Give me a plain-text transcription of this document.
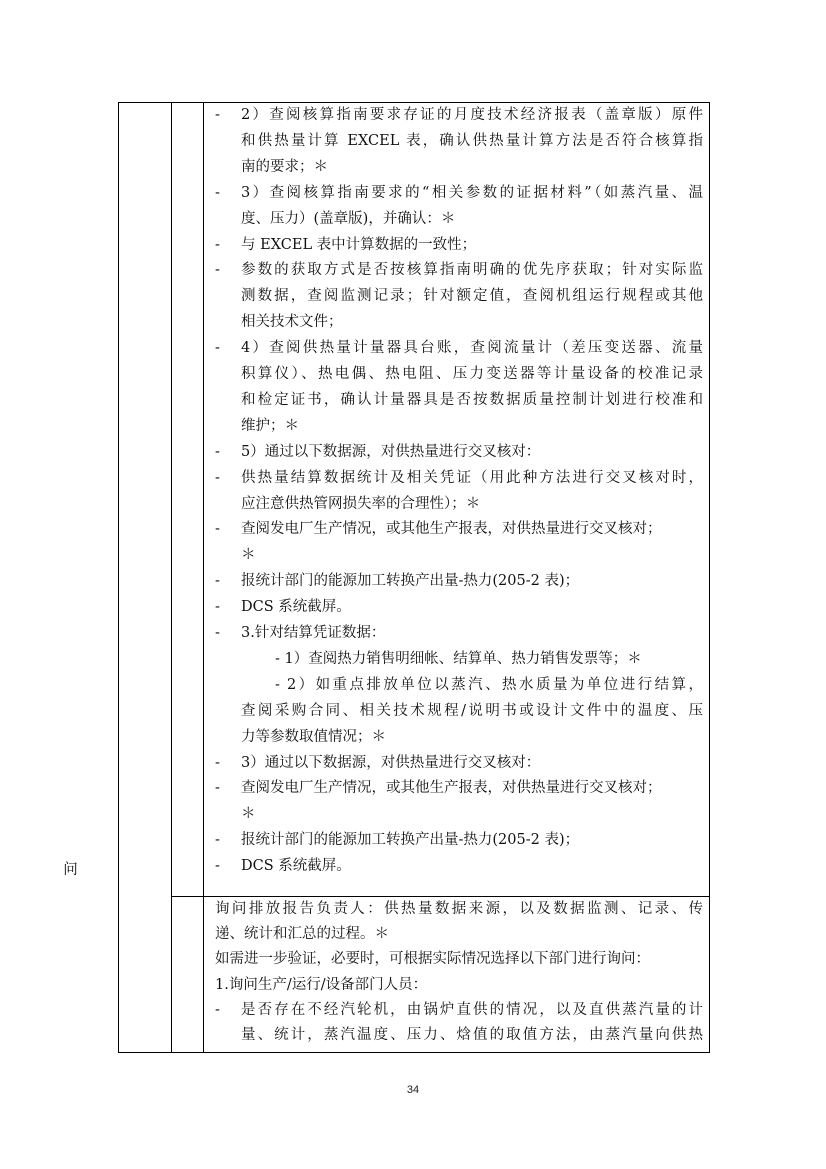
- 2）查阅核算指南要求存证的月度技术经济报表（盖章版）原件
和供热量计算 EXCEL 表，确认供热量计算方法是否符合核算指
南的要求；＊
- 3）查阅核算指南要求的“相关参数的证据材料”（如蒸汽量、温
度、压力）(盖章版)，并确认：＊
- 与 EXCEL 表中计算数据的一致性；
- 参数的获取方式是否按核算指南明确的优先序获取；针对实际监
测数据，查阅监测记录；针对额定值，查阅机组运行规程或其他
相关技术文件；
- 4）查阅供热量计量器具台账，查阅流量计（差压变送器、流量
积算仪）、热电偶、热电阻、压力变送器等计量设备的校准记录
和检定证书，确认计量器具是否按数据质量控制计划进行校准和
维护；＊
- 5）通过以下数据源，对供热量进行交叉核对：
- 供热量结算数据统计及相关凭证（用此种方法进行交叉核对时，
应注意供热管网损失率的合理性）；＊
- 查阅发电厂生产情况，或其他生产报表，对供热量进行交叉核对；
＊
- 报统计部门的能源加工转换产出量-热力(205-2 表)；
- DCS 系统截屏。
- 3.针对结算凭证数据：
- 1）查阅热力销售明细帐、结算单、热力销售发票等；＊
- 2）如重点排放单位以蒸汽、热水质量为单位进行结算，
查阅采购合同、相关技术规程/说明书或设计文件中的温度、压
力等参数取值情况；＊
- 3）通过以下数据源，对供热量进行交叉核对：
- 查阅发电厂生产情况，或其他生产报表，对供热量进行交叉核对；
＊
- 报统计部门的能源加工转换产出量-热力(205-2 表)；
- DCS 系统截屏。
询问排放报告负责人：供热量数据来源，以及数据监测、记录、传
递、统计和汇总的过程。＊
如需进一步验证，必要时，可根据实际情况选择以下部门进行询问：
1.询问生产/运行/设备部门人员：
- 是否存在不经汽轮机，由锅炉直供的情况，以及直供蒸汽量的计
量、统计，蒸汽温度、压力、焓值的取值方法，由蒸汽量向供热
问
34
